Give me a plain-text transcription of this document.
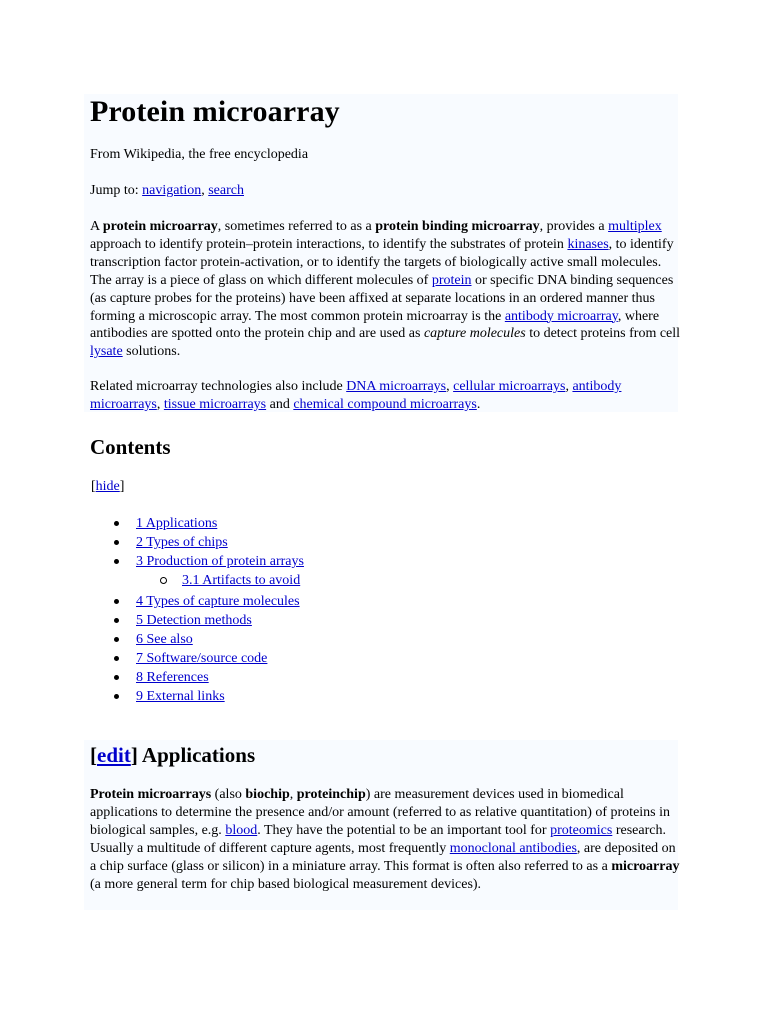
Protein microarray
From Wikipedia, the free encyclopedia
Jump to: navigation, search
A protein microarray, sometimes referred to as a protein binding microarray, provides a multiplex approach to identify protein–protein interactions, to identify the substrates of protein kinases, to identify transcription factor protein-activation, or to identify the targets of biologically active small molecules. The array is a piece of glass on which different molecules of protein or specific DNA binding sequences (as capture probes for the proteins) have been affixed at separate locations in an ordered manner thus forming a microscopic array. The most common protein microarray is the antibody microarray, where antibodies are spotted onto the protein chip and are used as capture molecules to detect proteins from cell lysate solutions.
Related microarray technologies also include DNA microarrays, cellular microarrays, antibody microarrays, tissue microarrays and chemical compound microarrays.
Contents
[hide]
1 Applications
2 Types of chips
3 Production of protein arrays
3.1 Artifacts to avoid
4 Types of capture molecules
5 Detection methods
6 See also
7 Software/source code
8 References
9 External links
[edit] Applications
Protein microarrays (also biochip, proteinchip) are measurement devices used in biomedical applications to determine the presence and/or amount (referred to as relative quantitation) of proteins in biological samples, e.g. blood. They have the potential to be an important tool for proteomics research. Usually a multitude of different capture agents, most frequently monoclonal antibodies, are deposited on a chip surface (glass or silicon) in a miniature array. This format is often also referred to as a microarray (a more general term for chip based biological measurement devices).
